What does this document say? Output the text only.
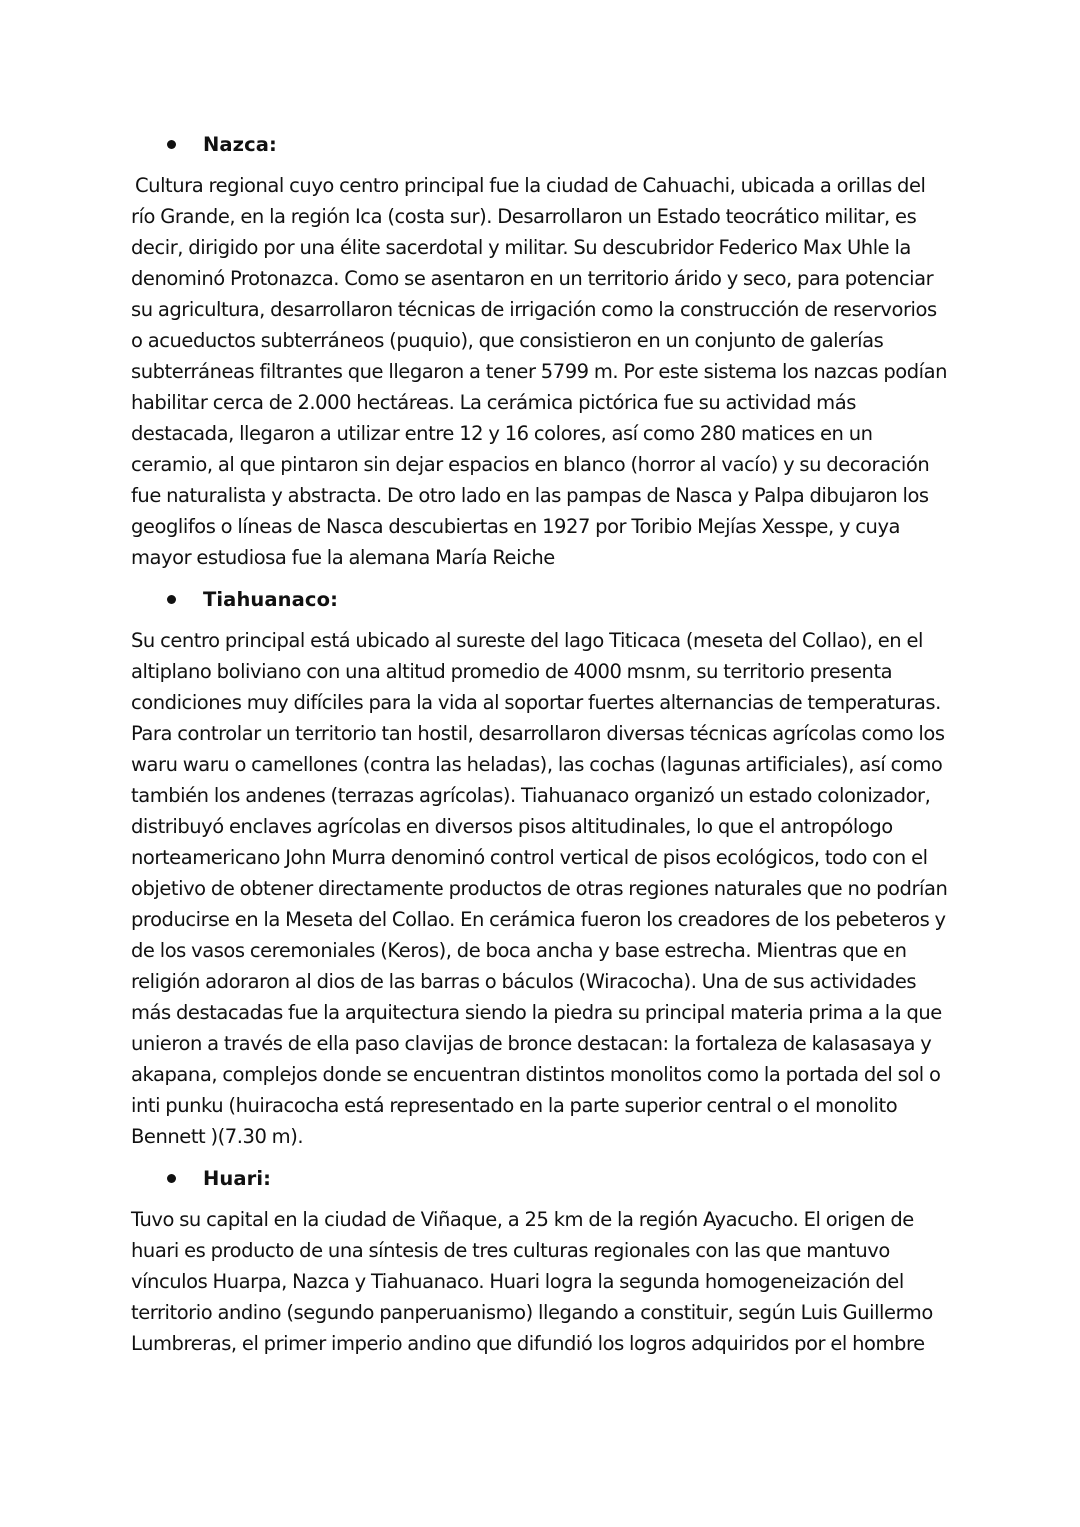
Nazca:

Cultura regional cuyo centro principal fue la ciudad de Cahuachi, ubicada a orillas del río Grande, en la región Ica (costa sur). Desarrollaron un Estado teocrático militar, es decir, dirigido por una élite sacerdotal y militar. Su descubridor Federico Max Uhle la denominó Protonazca. Como se asentaron en un territorio árido y seco, para potenciar su agricultura, desarrollaron técnicas de irrigación como la construcción de reservorios o acueductos subterráneos (puquio), que consistieron en un conjunto de galerías subterráneas filtrantes que llegaron a tener 5799 m. Por este sistema los nazcas podían habilitar cerca de 2.000 hectáreas. La cerámica pictórica fue su actividad más destacada, llegaron a utilizar entre 12 y 16 colores, así como 280 matices en un ceramio, al que pintaron sin dejar espacios en blanco (horror al vacío) y su decoración fue naturalista y abstracta. De otro lado en las pampas de Nasca y Palpa dibujaron los geoglifos o líneas de Nasca descubiertas en 1927 por Toribio Mejías Xesspe, y cuya mayor estudiosa fue la alemana María Reiche

Tiahuanaco:

Su centro principal está ubicado al sureste del lago Titicaca (meseta del Collao), en el altiplano boliviano con una altitud promedio de 4000 msnm, su territorio presenta condiciones muy difíciles para la vida al soportar fuertes alternancias de temperaturas. Para controlar un territorio tan hostil, desarrollaron diversas técnicas agrícolas como los waru waru o camellones (contra las heladas), las cochas (lagunas artificiales), así como también los andenes (terrazas agrícolas). Tiahuanaco organizó un estado colonizador, distribuyó enclaves agrícolas en diversos pisos altitudinales, lo que el antropólogo norteamericano John Murra denominó control vertical de pisos ecológicos, todo con el objetivo de obtener directamente productos de otras regiones naturales que no podrían producirse en la Meseta del Collao. En cerámica fueron los creadores de los pebeteros y de los vasos ceremoniales (Keros), de boca ancha y base estrecha. Mientras que en religión adoraron al dios de las barras o báculos (Wiracocha). Una de sus actividades más destacadas fue la arquitectura siendo la piedra su principal materia prima a la que unieron a través de ella paso clavijas de bronce destacan: la fortaleza de kalasasaya y akapana, complejos donde se encuentran distintos monolitos como la portada del sol o inti punku (huiracocha está representado en la parte superior central o el monolito Bennett )(7.30 m).

Huari:

Tuvo su capital en la ciudad de Viñaque, a 25 km de la región Ayacucho. El origen de huari es producto de una síntesis de tres culturas regionales con las que mantuvo vínculos Huarpa, Nazca y Tiahuanaco. Huari logra la segunda homogeneización del territorio andino (segundo panperuanismo) llegando a constituir, según Luis Guillermo Lumbreras, el primer imperio andino que difundió los logros adquiridos por el hombre
